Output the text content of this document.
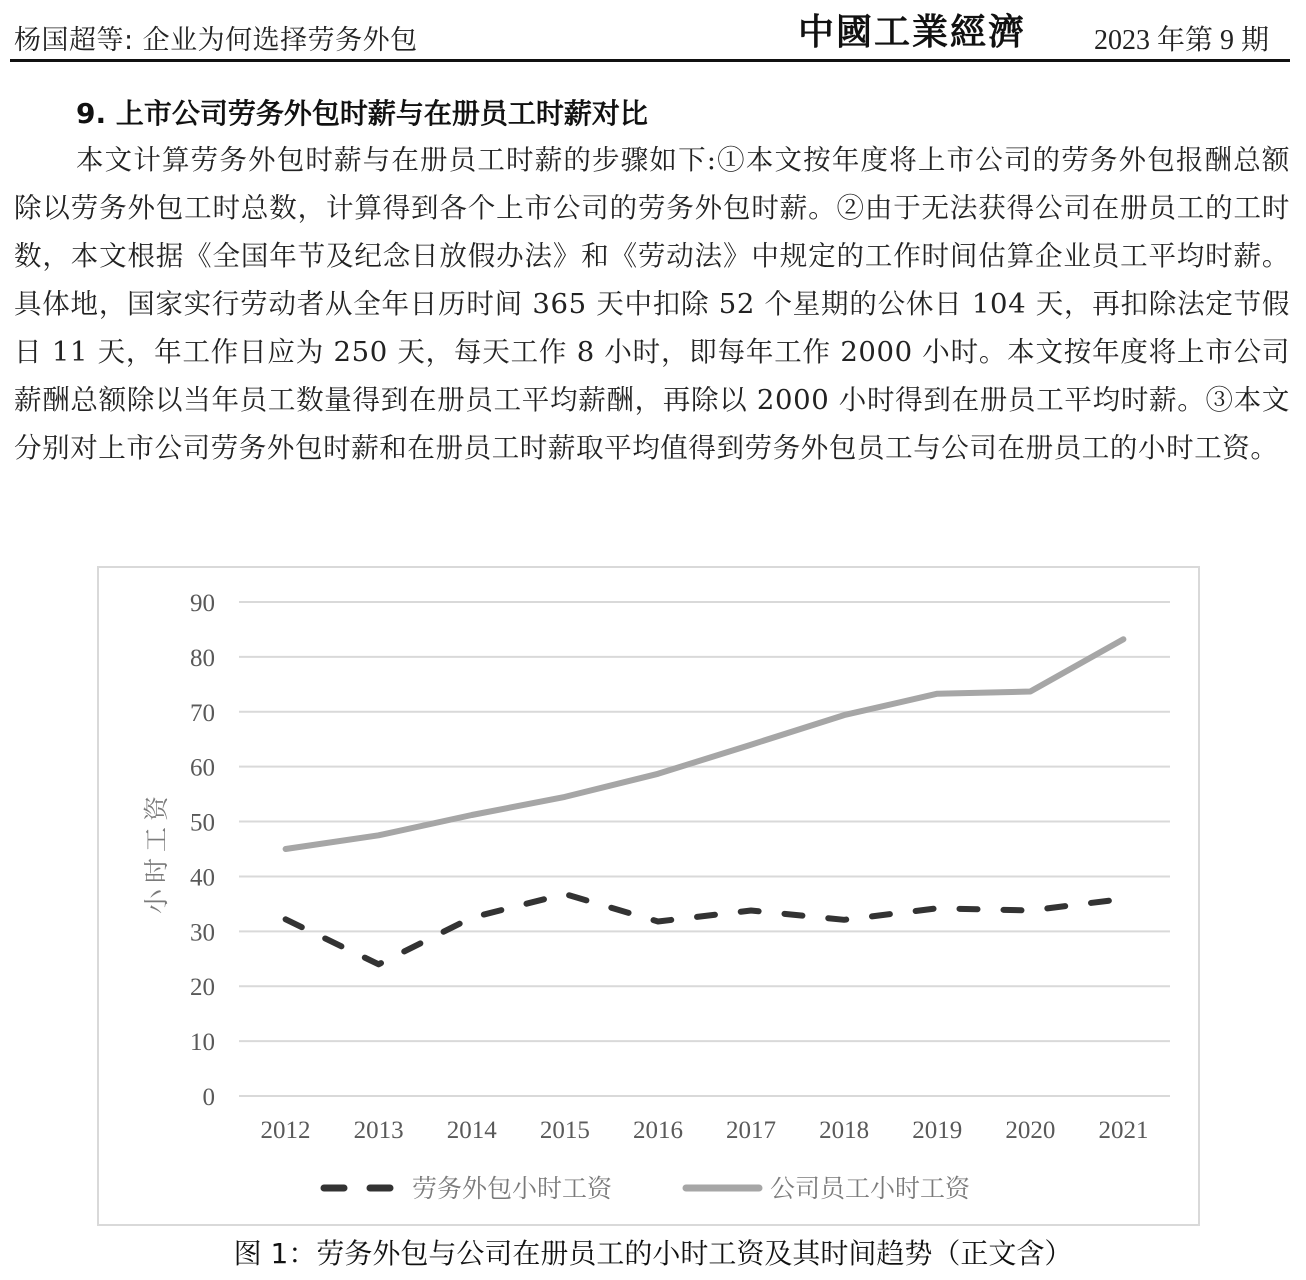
杨国超等: 企业为何选择劳务外包	中國工業經濟 2023 年第 9 期
9. 上市公司劳务外包时薪与在册员工时薪对比
本文计算劳务外包时薪与在册员工时薪的步骤如下:①本文按年度将上市公司的劳务外包报酬总额除以劳务外包工时总数，计算得到各个上市公司的劳务外包时薪。②由于无法获得公司在册员工的工时数，本文根据《全国年节及纪念日放假办法》和《劳动法》中规定的工作时间估算企业员工平均时薪。具体地，国家实行劳动者从全年日历时间 365 天中扣除 52 个星期的公休日 104 天，再扣除法定节假日 11 天，年工作日应为 250 天，每天工作 8 小时，即每年工作 2000 小时。本文按年度将上市公司薪酬总额除以当年员工数量得到在册员工平均薪酬，再除以 2000 小时得到在册员工平均时薪。③本文分别对上市公司劳务外包时薪和在册员工时薪取平均值得到劳务外包员工与公司在册员工的小时工资。
0
10
20
30
40
50
60
70
80
90
2012 2013 2014 2015 2016 2017 2018 2019 2020 2021
小时工资
劳务外包小时工资	公司员工小时工资
图 1：劳务外包与公司在册员工的小时工资及其时间趋势（正文含）
